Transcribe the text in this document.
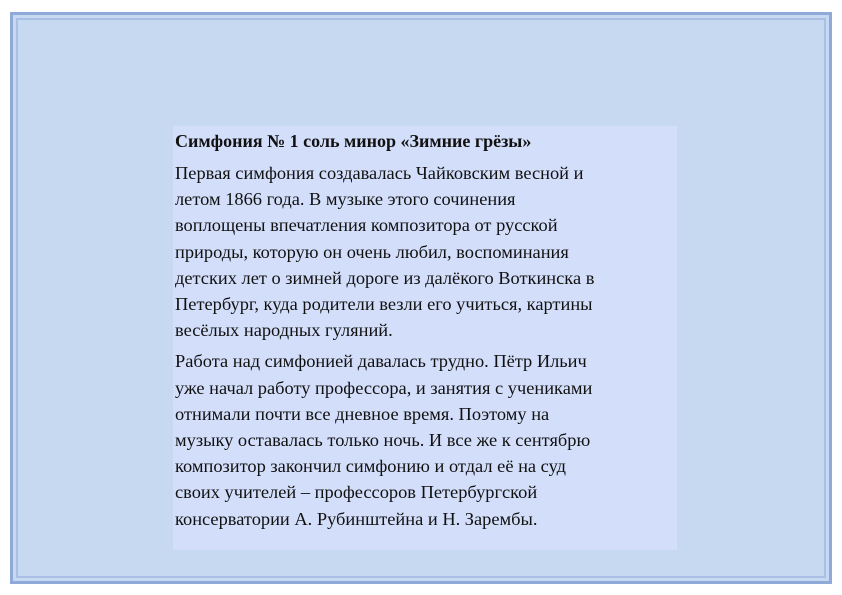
Симфония № 1 соль минор «Зимние грёзы»
Первая симфония создавалась Чайковским весной и
летом 1866 года. В музыке этого сочинения
воплощены впечатления композитора от русской
природы, которую он очень любил, воспоминания
детских лет о зимней дороге из далёкого Воткинска в
Петербург, куда родители везли его учиться, картины
весёлых народных гуляний.
Работа над симфонией давалась трудно. Пётр Ильич
уже начал работу профессора, и занятия с учениками
отнимали почти все дневное время. Поэтому на
музыку оставалась только ночь. И все же к сентябрю
композитор закончил симфонию и отдал её на суд
своих учителей – профессоров Петербургской
консерватории А. Рубинштейна и Н. Зарембы.
